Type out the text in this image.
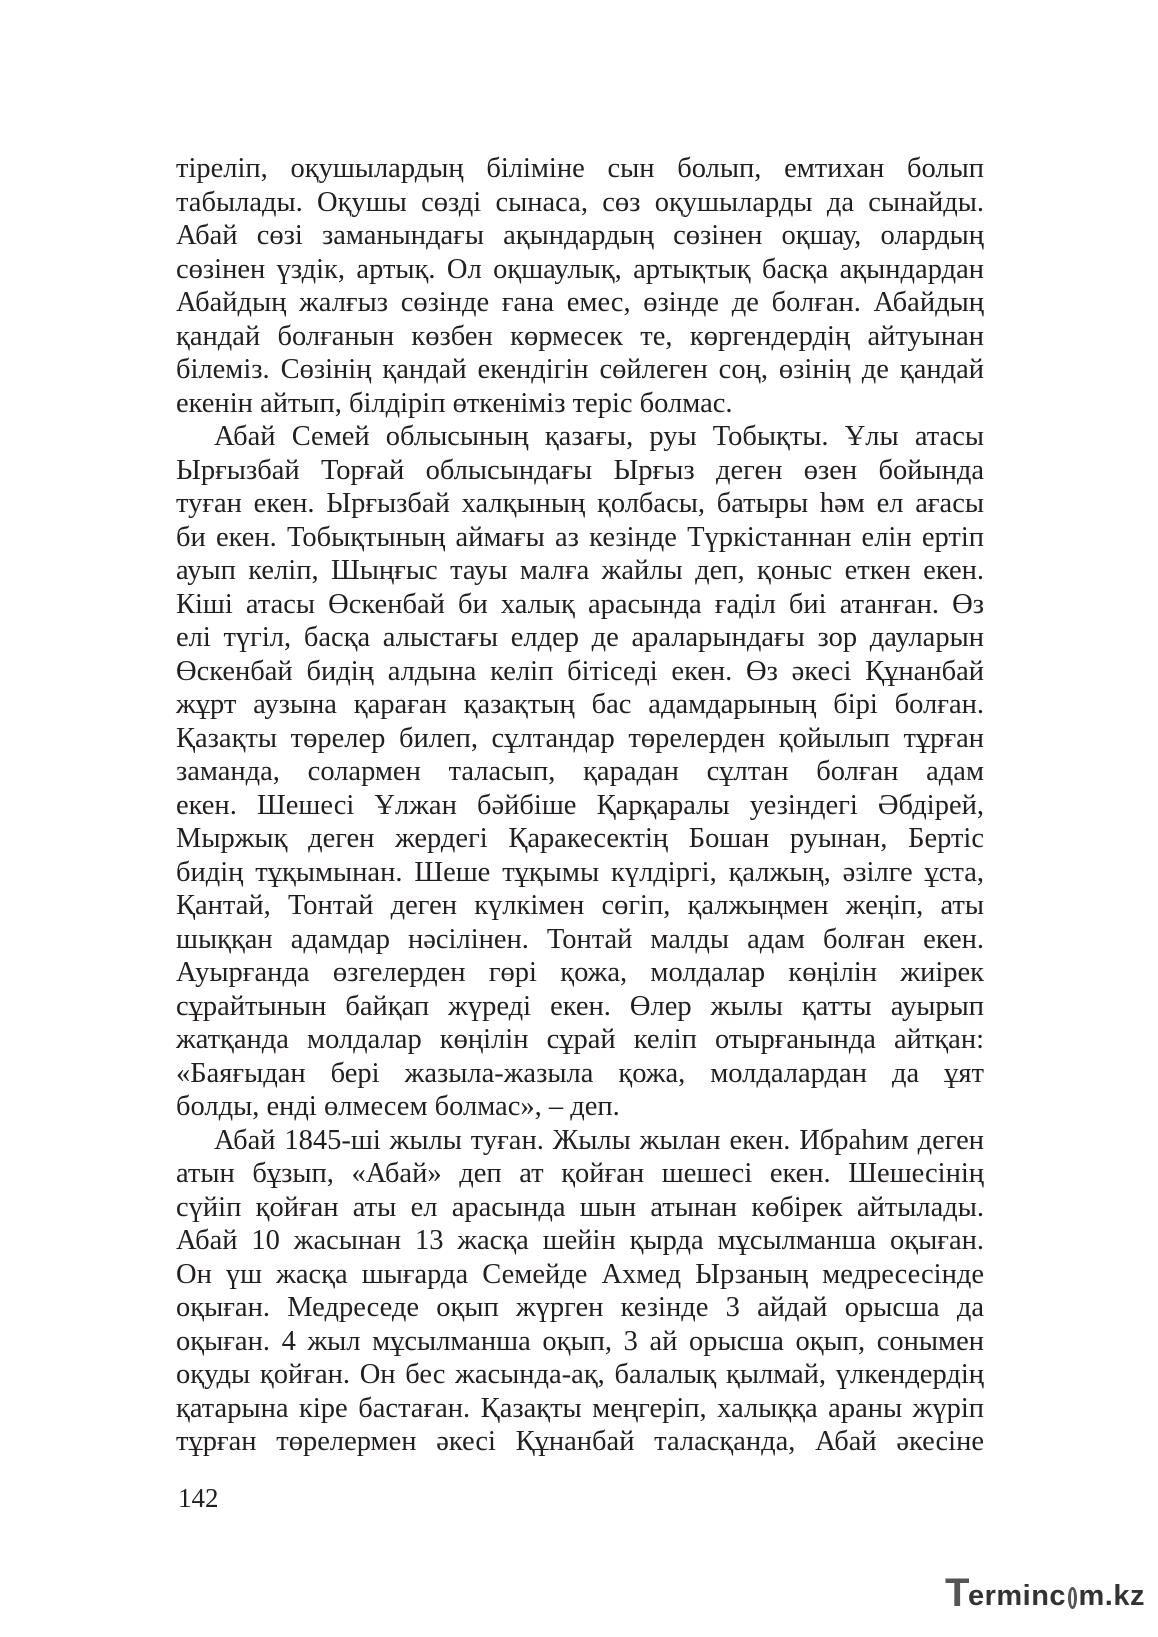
тіреліп, оқушылардың біліміне сын болып, емтихан болып
табылады. Оқушы сөзді сынаса, сөз оқушыларды да сынайды.
Абай сөзі заманындағы ақындардың сөзінен оқшау, олардың
сөзінен үздік, артық. Ол оқшаулық, артықтық басқа ақындардан
Абайдың жалғыз сөзінде ғана емес, өзінде де болған. Абайдың
қандай болғанын көзбен көрмесек те, көргендердің айтуынан
білеміз. Сөзінің қандай екендігін сөйлеген соң, өзінің де қандай
екенін айтып, білдіріп өткеніміз теріс болмас.
Абай Семей облысының қазағы, руы Тобықты. Ұлы атасы
Ырғызбай Торғай облысындағы Ырғыз деген өзен бойында
туған екен. Ырғызбай халқының қолбасы, батыры һәм ел ағасы
би екен. Тобықтының аймағы аз кезінде Түркістаннан елін ертіп
ауып келіп, Шыңғыс тауы малға жайлы деп, қоныс еткен екен.
Кіші атасы Өскенбай би халық арасында ғаділ биі атанған. Өз
елі түгіл, басқа алыстағы елдер де араларындағы зор дауларын
Өскенбай бидің алдына келіп бітіседі екен. Өз әкесі Құнанбай
жұрт аузына қараған қазақтың бас адамдарының бірі болған.
Қазақты төрелер билеп, сұлтандар төрелерден қойылып тұрған
заманда, солармен таласып, қарадан сұлтан болған адам
екен. Шешесі Ұлжан бәйбіше Қарқаралы уезіндегі Әбдірей,
Мыржық деген жердегі Қаракесектің Бошан руынан, Бертіс
бидің тұқымынан. Шеше тұқымы күлдіргі, қалжың, әзілге ұста,
Қантай, Тонтай деген күлкімен сөгіп, қалжыңмен жеңіп, аты
шыққан адамдар нәсілінен. Тонтай малды адам болған екен.
Ауырғанда өзгелерден гөрі қожа, молдалар көңілін жиірек
сұрайтынын байқап жүреді екен. Өлер жылы қатты ауырып
жатқанда молдалар көңілін сұрай келіп отырғанында айтқан:
«Баяғыдан бері жазыла-жазыла қожа, молдалардан да ұят
болды, енді өлмесем болмас», – деп.
Абай 1845-ші жылы туған. Жылы жылан екен. Ибраһим деген
атын бұзып, «Абай» деп ат қойған шешесі екен. Шешесінің
сүйіп қойған аты ел арасында шын атынан көбірек айтылады.
Абай 10 жасынан 13 жасқа шейін қырда мұсылманша оқыған.
Он үш жасқа шығарда Семейде Ахмед Ырзаның медресесінде
оқыған. Медреседе оқып жүрген кезінде 3 айдай орысша да
оқыған. 4 жыл мұсылманша оқып, 3 ай орысша оқып, сонымен
оқуды қойған. Он бес жасында-ақ, балалық қылмай, үлкендердің
қатарына кіре бастаған. Қазақты меңгеріп, халыққа араны жүріп
тұрған төрелермен әкесі Құнанбай таласқанда, Абай әкесіне
142
T
erminc m.kz
